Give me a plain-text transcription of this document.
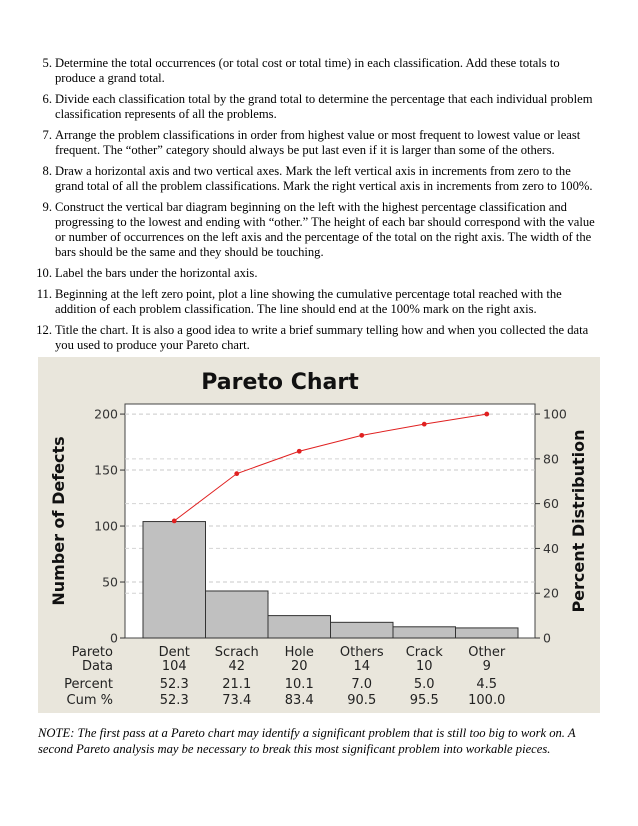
5. Determine the total occurrences (or total cost or total time) in each classification. Add these totals to produce a grand total.
6. Divide each classification total by the grand total to determine the percentage that each individual problem classification represents of all the problems.
7. Arrange the problem classifications in order from highest value or most frequent to lowest value or least frequent. The “other” category should always be put last even if it is larger than some of the others.
8. Draw a horizontal axis and two vertical axes. Mark the left vertical axis in increments from zero to the grand total of all the problem classifications. Mark the right vertical axis in increments from zero to 100%.
9. Construct the vertical bar diagram beginning on the left with the highest percentage classification and progressing to the lowest and ending with “other.” The height of each bar should correspond with the value or number of occurrences on the left axis and the percentage of the total on the right axis. The width of the bars should be the same and they should be touching.
10. Label the bars under the horizontal axis.
11. Beginning at the left zero point, plot a line showing the cumulative percentage total reached with the addition of each problem classification. The line should end at the 100% mark on the right axis.
12. Title the chart. It is also a good idea to write a brief summary telling how and when you collected the data you used to produce your Pareto chart.
Pareto Chart
0
50
100
150
200
0
20
40
60
80
100
Number of Defects	Percent Distribution
Pareto
Data
Percent
Cum %
Dent
104
52.3
52.3
Scrach
42
21.1
73.4
Hole
20
10.1
83.4
Others
14
7.0
90.5
Crack
10
5.0
95.5
Other
9
4.5
100.0

NOTE: The first pass at a Pareto chart may identify a significant problem that is still too big to work on. A second Pareto analysis may be necessary to break this most significant problem into workable pieces.
